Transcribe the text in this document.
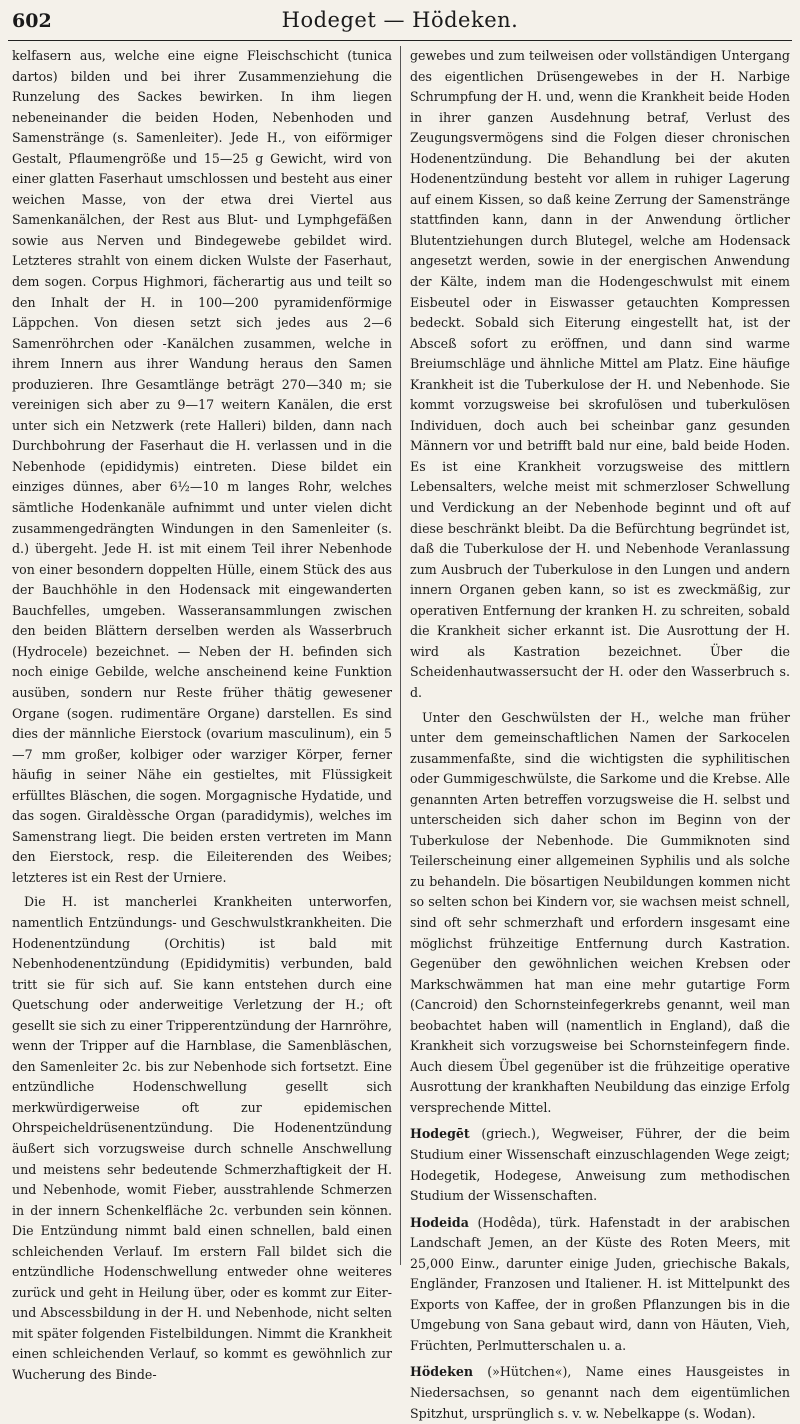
602	Hodeget — Hödeken.

kelfasern aus, welche eine eigne Fleischschicht (tunica dartos) bilden und bei ihrer Zusammenziehung die Runzelung des Sackes bewirken. In ihm liegen nebeneinander die beiden Hoden, Nebenhoden und Samenstränge (s. Samenleiter). Jede H., von eiförmiger Gestalt, Pflaumengröße und 15—25 g Gewicht, wird von einer glatten Faserhaut umschlossen und besteht aus einer weichen Masse, von der etwa drei Viertel aus Samenkanälchen, der Rest aus Blut- und Lymphgefäßen sowie aus Nerven und Bindegewebe gebildet wird. Letzteres strahlt von einem dicken Wulste der Faserhaut, dem sogen. Corpus Highmori, fächerartig aus und teilt so den Inhalt der H. in 100—200 pyramidenförmige Läppchen. Von diesen setzt sich jedes aus 2—6 Samenröhrchen oder -Kanälchen zusammen, welche in ihrem Innern aus ihrer Wandung heraus den Samen produzieren. Ihre Gesamtlänge beträgt 270—340 m; sie vereinigen sich aber zu 9—17 weitern Kanälen, die erst unter sich ein Netzwerk (rete Halleri) bilden, dann nach Durchbohrung der Faserhaut die H. verlassen und in die Nebenhode (epididymis) eintreten. Diese bildet ein einziges dünnes, aber 6½—10 m langes Rohr, welches sämtliche Hodenkanäle aufnimmt und unter vielen dicht zusammengedrängten Windungen in den Samenleiter (s. d.) übergeht. Jede H. ist mit einem Teil ihrer Nebenhode von einer besondern doppelten Hülle, einem Stück des aus der Bauchhöhle in den Hodensack mit eingewanderten Bauchfelles, umgeben. Wasseransammlungen zwischen den beiden Blättern derselben werden als Wasserbruch (Hydrocele) bezeichnet. — Neben der H. befinden sich noch einige Gebilde, welche anscheinend keine Funktion ausüben, sondern nur Reste früher thätig gewesener Organe (sogen. rudimentäre Organe) darstellen. Es sind dies der männliche Eierstock (ovarium masculinum), ein 5—7 mm großer, kolbiger oder warziger Körper, ferner häufig in seiner Nähe ein gestieltes, mit Flüssigkeit erfülltes Bläschen, die sogen. Morgagnische Hydatide, und das sogen. Giraldèssche Organ (paradidymis), welches im Samenstrang liegt. Die beiden ersten vertreten im Mann den Eierstock, resp. die Eileiterenden des Weibes; letzteres ist ein Rest der Urniere.

Die H. ist mancherlei Krankheiten unterworfen, namentlich Entzündungs- und Geschwulstkrankheiten. Die Hodenentzündung (Orchitis) ist bald mit Nebenhodenentzündung (Epididymitis) verbunden, bald tritt sie für sich auf. Sie kann entstehen durch eine Quetschung oder anderweitige Verletzung der H.; oft gesellt sie sich zu einer Tripperentzündung der Harnröhre, wenn der Tripper auf die Harnblase, die Samenbläschen, den Samenleiter 2c. bis zur Nebenhode sich fortsetzt. Eine entzündliche Hodenschwellung gesellt sich merkwürdigerweise oft zur epidemischen Ohrspeicheldrüsenentzündung. Die Hodenentzündung äußert sich vorzugsweise durch schnelle Anschwellung und meistens sehr bedeutende Schmerzhaftigkeit der H. und Nebenhode, womit Fieber, ausstrahlende Schmerzen in der innern Schenkelfläche 2c. verbunden sein können. Die Entzündung nimmt bald einen schnellen, bald einen schleichenden Verlauf. Im erstern Fall bildet sich die entzündliche Hodenschwellung entweder ohne weiteres zurück und geht in Heilung über, oder es kommt zur Eiter- und Abscessbildung in der H. und Nebenhode, nicht selten mit später folgenden Fistelbildungen. Nimmt die Krankheit einen schleichenden Verlauf, so kommt es gewöhnlich zur Wucherung des Binde-

gewebes und zum teilweisen oder vollständigen Untergang des eigentlichen Drüsengewebes in der H. Narbige Schrumpfung der H. und, wenn die Krankheit beide Hoden in ihrer ganzen Ausdehnung betraf, Verlust des Zeugungsvermögens sind die Folgen dieser chronischen Hodenentzündung. Die Behandlung bei der akuten Hodenentzündung besteht vor allem in ruhiger Lagerung auf einem Kissen, so daß keine Zerrung der Samenstränge stattfinden kann, dann in der Anwendung örtlicher Blutentziehungen durch Blutegel, welche am Hodensack angesetzt werden, sowie in der energischen Anwendung der Kälte, indem man die Hodengeschwulst mit einem Eisbeutel oder in Eiswasser getauchten Kompressen bedeckt. Sobald sich Eiterung eingestellt hat, ist der Absceß sofort zu eröffnen, und dann sind warme Breiumschläge und ähnliche Mittel am Platz. Eine häufige Krankheit ist die Tuberkulose der H. und Nebenhode. Sie kommt vorzugsweise bei skrofulösen und tuberkulösen Individuen, doch auch bei scheinbar ganz gesunden Männern vor und betrifft bald nur eine, bald beide Hoden. Es ist eine Krankheit vorzugsweise des mittlern Lebensalters, welche meist mit schmerzloser Schwellung und Verdickung an der Nebenhode beginnt und oft auf diese beschränkt bleibt. Da die Befürchtung begründet ist, daß die Tuberkulose der H. und Nebenhode Veranlassung zum Ausbruch der Tuberkulose in den Lungen und andern innern Organen geben kann, so ist es zweckmäßig, zur operativen Entfernung der kranken H. zu schreiten, sobald die Krankheit sicher erkannt ist. Die Ausrottung der H. wird als Kastration bezeichnet. Über die Scheidenhautwassersucht der H. oder den Wasserbruch s. d.

Unter den Geschwülsten der H., welche man früher unter dem gemeinschaftlichen Namen der Sarkocelen zusammenfaßte, sind die wichtigsten die syphilitischen oder Gummigeschwülste, die Sarkome und die Krebse. Alle genannten Arten betreffen vorzugsweise die H. selbst und unterscheiden sich daher schon im Beginn von der Tuberkulose der Nebenhode. Die Gummiknoten sind Teilerscheinung einer allgemeinen Syphilis und als solche zu behandeln. Die bösartigen Neubildungen kommen nicht so selten schon bei Kindern vor, sie wachsen meist schnell, sind oft sehr schmerzhaft und erfordern insgesamt eine möglichst frühzeitige Entfernung durch Kastration. Gegenüber den gewöhnlichen weichen Krebsen oder Markschwämmen hat man eine mehr gutartige Form (Cancroid) den Schornsteinfegerkrebs genannt, weil man beobachtet haben will (namentlich in England), daß die Krankheit sich vorzugsweise bei Schornsteinfegern finde. Auch diesem Übel gegenüber ist die frühzeitige operative Ausrottung der krankhaften Neubildung das einzige Erfolg versprechende Mittel.

Hodegēt (griech.), Wegweiser, Führer, der die beim Studium einer Wissenschaft einzuschlagenden Wege zeigt; Hodegetik, Hodegese, Anweisung zum methodischen Studium der Wissenschaften.

Hodeida (Hodêda), türk. Hafenstadt in der arabischen Landschaft Jemen, an der Küste des Roten Meers, mit 25,000 Einw., darunter einige Juden, griechische Bakals, Engländer, Franzosen und Italiener. H. ist Mittelpunkt des Exports von Kaffee, der in großen Pflanzungen bis in die Umgebung von Sana gebaut wird, dann von Häuten, Vieh, Früchten, Perlmutterschalen u. a.

Hödeken (»Hütchen«), Name eines Hausgeistes in Niedersachsen, so genannt nach dem eigentümlichen Spitzhut, ursprünglich s. v. w. Nebelkappe (s. Wodan).
